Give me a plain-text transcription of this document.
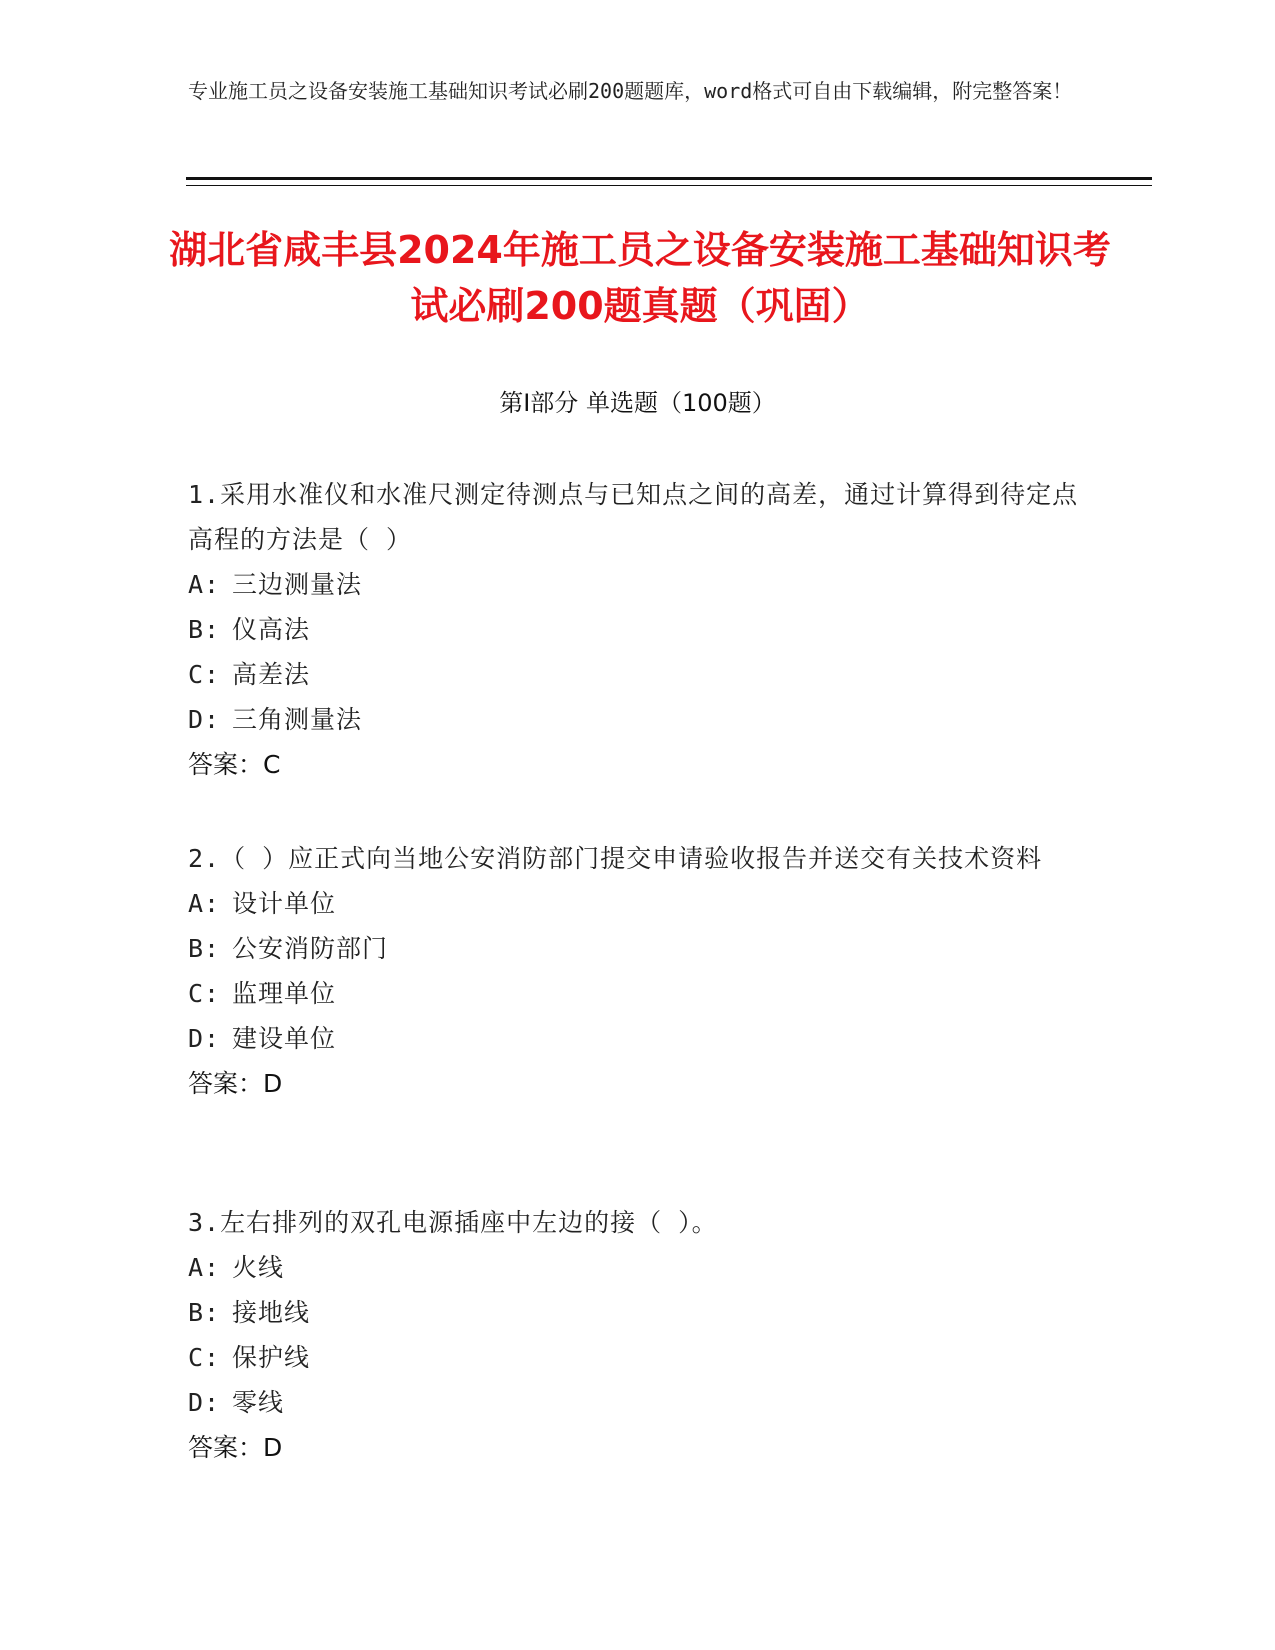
专业施工员之设备安装施工基础知识考试必刷200题题库，word格式可自由下载编辑，附完整答案！
湖北省咸丰县2024年施工员之设备安装施工基础知识考试必刷200题真题（巩固）
第Ⅰ部分 单选题（100题）
1.采用水准仪和水准尺测定待测点与已知点之间的高差，通过计算得到待定点高程的方法是（ ）
A: 三边测量法
B: 仪高法
C: 高差法
D: 三角测量法
答案：C
2.（ ）应正式向当地公安消防部门提交申请验收报告并送交有关技术资料
A: 设计单位
B: 公安消防部门
C: 监理单位
D: 建设单位
答案：D
3.左右排列的双孔电源插座中左边的接（ ）。
A: 火线
B: 接地线
C: 保护线
D: 零线
答案：D
